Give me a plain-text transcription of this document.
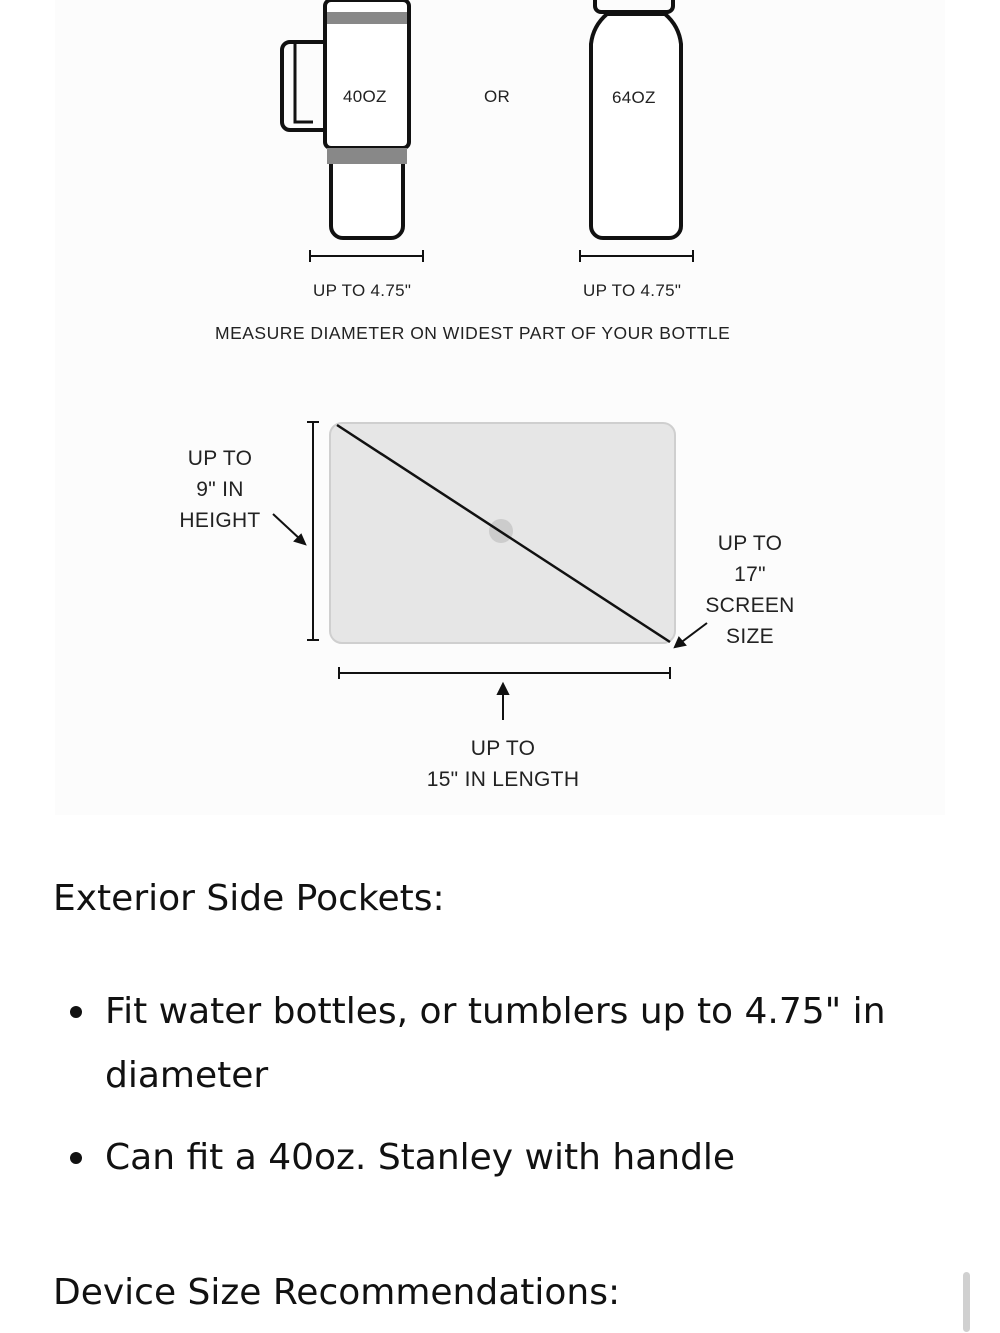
40OZ	OR	64OZ
UP TO 4.75"	UP TO 4.75"
MEASURE DIAMETER ON WIDEST PART OF YOUR BOTTLE
UP TO
9" IN
HEIGHT
UP TO
17"
SCREEN
SIZE
UP TO
15" IN LENGTH
Exterior Side Pockets:
Fit water bottles, or tumblers up to 4.75" in diameter
Can fit a 40oz. Stanley with handle
Device Size Recommendations:
